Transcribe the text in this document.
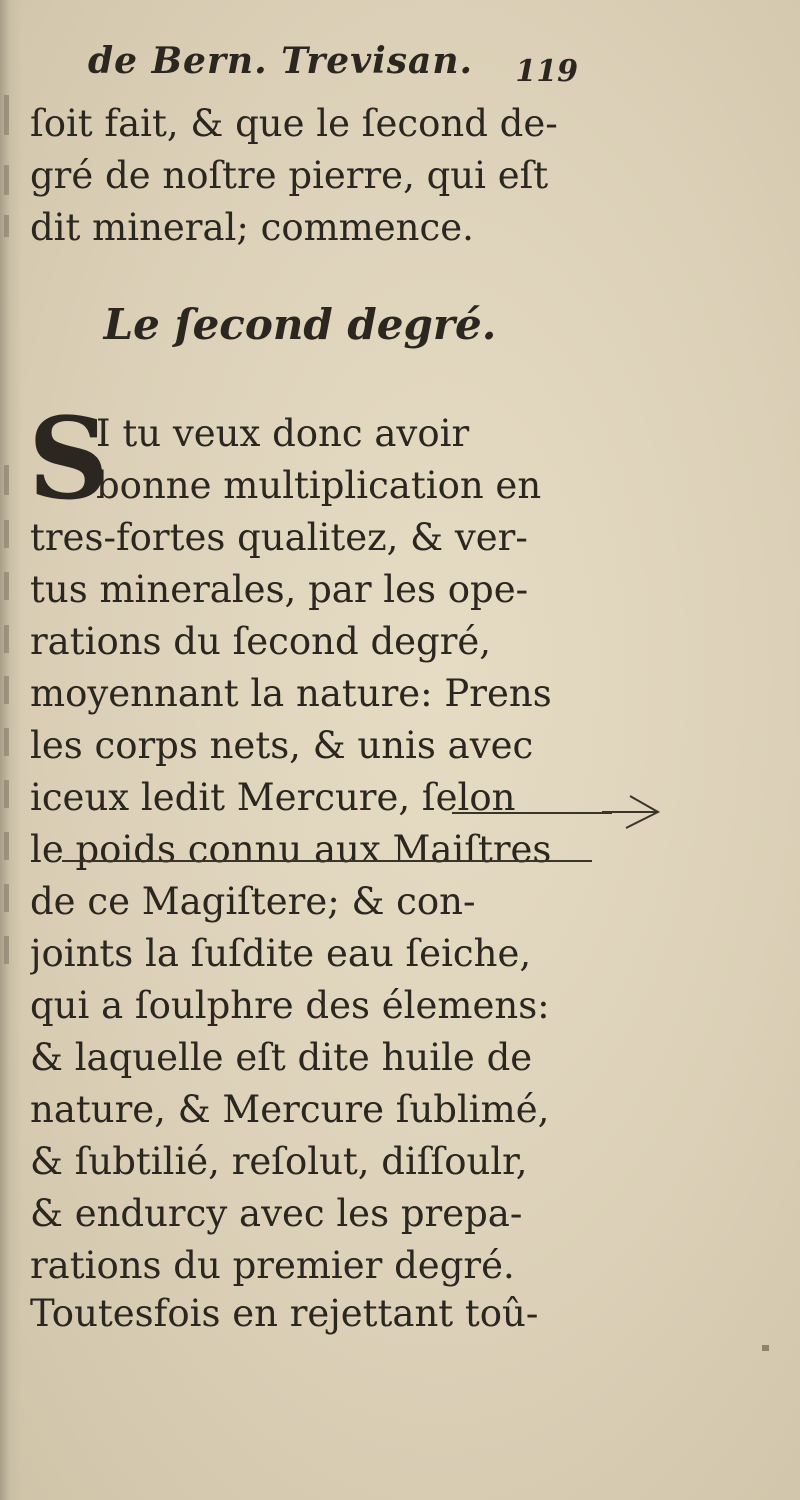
de Bern. Trevisan. 119

ſoit fait, & que le ſecond de-

gré de noſtre pierre, qui eſt

dit mineral; commence.

Le ſecond degré.
S

I tu veux donc avoir

bonne multiplication en

tres-fortes qualitez, & ver-

tus minerales, par les ope-

rations du ſecond degré,

moyennant la nature: Prens

les corps nets, & unis avec

iceux ledit Mercure, ſelon

le poids connu aux Maiſtres

de ce Magiſtere; & con-

joints la ſuſdite eau ſeiche,

qui a ſoulphre des élemens:

& laquelle eſt dite huile de

nature, & Mercure ſublimé,

& ſubtilié, reſolut, diſſoulr,

& endurcy avec les prepa-

rations du premier degré.

Toutesfois en rejettant toû-
